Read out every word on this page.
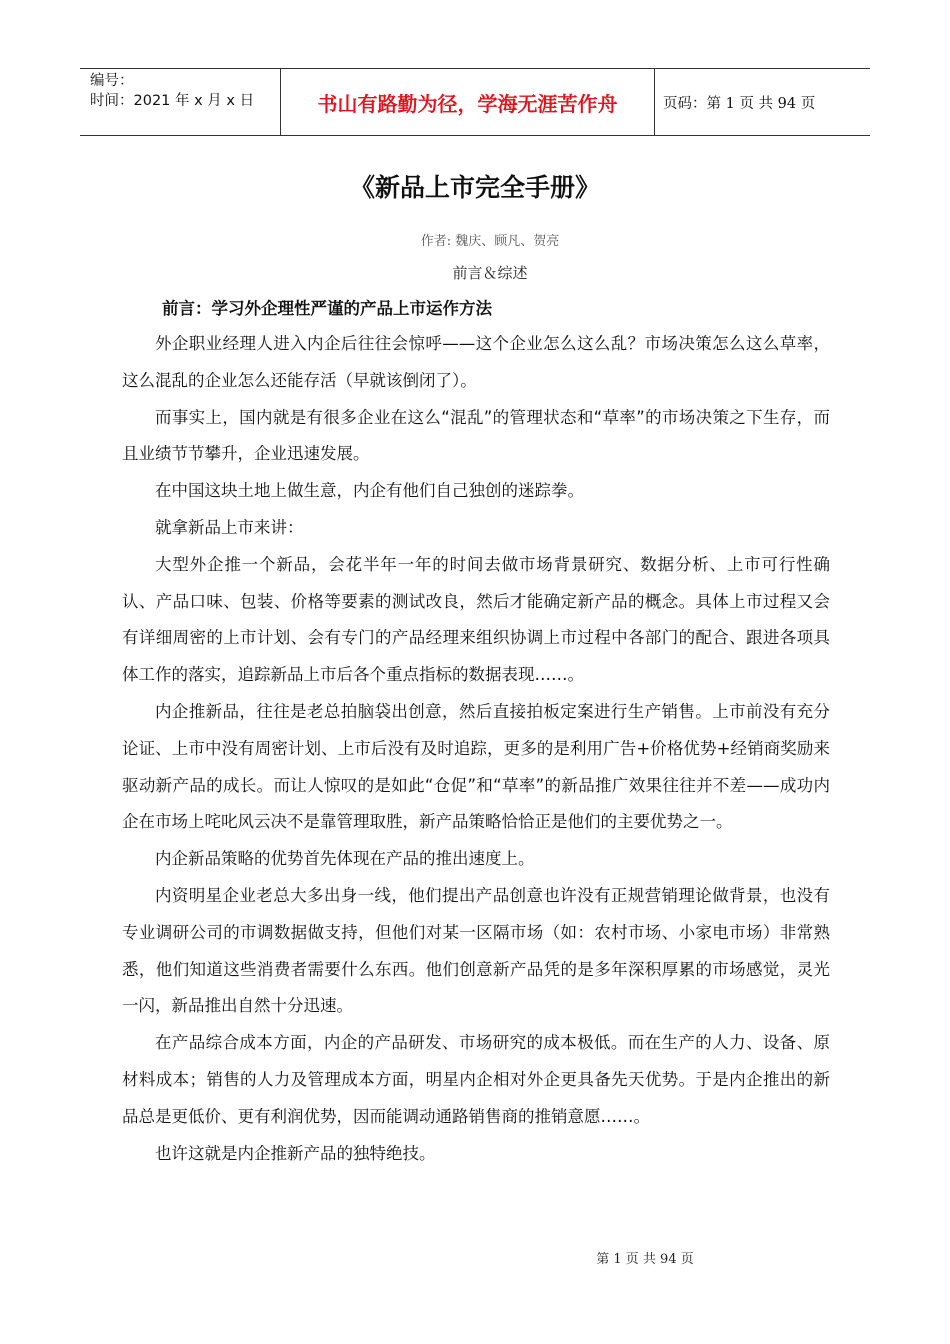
编号：
时间：2021 年 x 月 x 日	书山有路勤为径，学海无涯苦作舟	页码：第 1 页 共 94 页
《新品上市完全手册》
作者: 魏庆、顾凡、贺亮
前言＆综述
前言：学习外企理性严谨的产品上市运作方法

外企职业经理人进入内企后往往会惊呼——这个企业怎么这么乱？市场决策怎么这么草率，这么混乱的企业怎么还能存活（早就该倒闭了）。

而事实上，国内就是有很多企业在这么“混乱”的管理状态和“草率”的市场决策之下生存，而且业绩节节攀升，企业迅速发展。

在中国这块土地上做生意，内企有他们自己独创的迷踪拳。

就拿新品上市来讲：

大型外企推一个新品，会花半年一年的时间去做市场背景研究、数据分析、上市可行性确认、产品口味、包装、价格等要素的测试改良，然后才能确定新产品的概念。具体上市过程又会有详细周密的上市计划、会有专门的产品经理来组织协调上市过程中各部门的配合、跟进各项具体工作的落实，追踪新品上市后各个重点指标的数据表现……。

内企推新品，往往是老总拍脑袋出创意，然后直接拍板定案进行生产销售。上市前没有充分论证、上市中没有周密计划、上市后没有及时追踪，更多的是利用广告+价格优势+经销商奖励来驱动新产品的成长。而让人惊叹的是如此“仓促”和“草率”的新品推广效果往往并不差——成功内企在市场上咤叱风云决不是靠管理取胜，新产品策略恰恰正是他们的主要优势之一。

内企新品策略的优势首先体现在产品的推出速度上。

内资明星企业老总大多出身一线，他们提出产品创意也许没有正规营销理论做背景，也没有专业调研公司的市调数据做支持，但他们对某一区隔市场（如：农村市场、小家电市场）非常熟悉，他们知道这些消费者需要什么东西。他们创意新产品凭的是多年深积厚累的市场感觉，灵光一闪，新品推出自然十分迅速。

在产品综合成本方面，内企的产品研发、市场研究的成本极低。而在生产的人力、设备、原材料成本；销售的人力及管理成本方面，明星内企相对外企更具备先天优势。于是内企推出的新品总是更低价、更有利润优势，因而能调动通路销售商的推销意愿……。

也许这就是内企推新产品的独特绝技。

第 1 页 共 94 页
